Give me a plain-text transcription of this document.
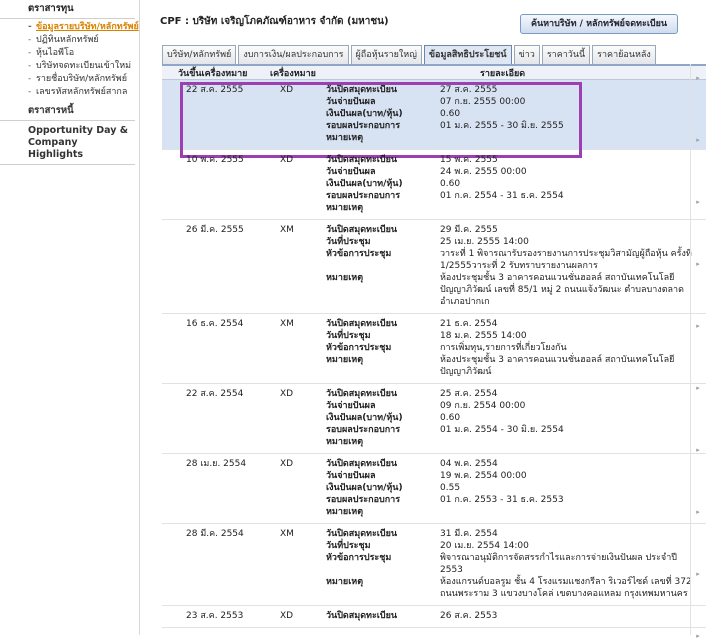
ตราสารทุน
- ข้อมูลรายบริษัท/หลักทรัพย์
- ปฏิทินหลักทรัพย์
- หุ้นไอพีโอ
- บริษัทจดทะเบียนเข้าใหม่
- รายชื่อบริษัท/หลักทรัพย์
- เลขรหัสหลักทรัพย์สากล
ตราสารหนี้
Opportunity Day & Company Highlights
CPF : บริษัท เจริญโภคภัณฑ์อาหาร จำกัด (มหาชน)	ค้นหาบริษัท / หลักทรัพย์จดทะเบียน
บริษัท/หลักทรัพย์	งบการเงิน/ผลประกอบการ	ผู้ถือหุ้นรายใหญ่	ข้อมูลสิทธิประโยชน์	ข่าว	ราคาวันนี้	ราคาย้อนหลัง
วันขึ้นเครื่องหมาย	เครื่องหมาย	รายละเอียด
22 ส.ค. 2555	XD	วันปิดสมุดทะเบียน	27 ส.ค. 2555
วันจ่ายปันผล	07 ก.ย. 2555 00:00
เงินปันผล(บาท/หุ้น)	0.60
รอบผลประกอบการ	01 ม.ค. 2555 - 30 มิ.ย. 2555
หมายเหตุ
10 พ.ค. 2555	XD	วันปิดสมุดทะเบียน	15 พ.ค. 2555
วันจ่ายปันผล	24 พ.ค. 2555 00:00
เงินปันผล(บาท/หุ้น)	0.60
รอบผลประกอบการ	01 ก.ค. 2554 - 31 ธ.ค. 2554
หมายเหตุ
26 มี.ค. 2555	XM	วันปิดสมุดทะเบียน	29 มี.ค. 2555
วันที่ประชุม	25 เม.ย. 2555 14:00
หัวข้อการประชุม	วาระที่ 1 พิจารณารับรองรายงานการประชุมวิสามัญผู้ถือหุ้น ครั้งที่ 1/2555วาระที่ 2 รับทราบรายงานผลการ
หมายเหตุ	ห้องประชุมชั้น 3 อาคารคอนแวนชั่นฮอลล์ สถาบันเทคโนโลยีปัญญาภิวัฒน์ เลขที่ 85/1 หมู่ 2 ถนนแจ้งวัฒนะ ตำบลบางตลาด อำเภอปากเก
16 ธ.ค. 2554	XM	วันปิดสมุดทะเบียน	21 ธ.ค. 2554
วันที่ประชุม	18 ม.ค. 2555 14:00
หัวข้อการประชุม	การเพิ่มทุน,รายการที่เกี่ยวโยงกัน
หมายเหตุ	ห้องประชุมชั้น 3 อาคารคอนแวนชั่นฮอลล์ สถาบันเทคโนโลยีปัญญาภิวัฒน์
22 ส.ค. 2554	XD	วันปิดสมุดทะเบียน	25 ส.ค. 2554
วันจ่ายปันผล	09 ก.ย. 2554 00:00
เงินปันผล(บาท/หุ้น)	0.60
รอบผลประกอบการ	01 ม.ค. 2554 - 30 มิ.ย. 2554
หมายเหตุ
28 เม.ย. 2554	XD	วันปิดสมุดทะเบียน	04 พ.ค. 2554
วันจ่ายปันผล	19 พ.ค. 2554 00:00
เงินปันผล(บาท/หุ้น)	0.55
รอบผลประกอบการ	01 ก.ค. 2553 - 31 ธ.ค. 2553
หมายเหตุ
28 มี.ค. 2554	XM	วันปิดสมุดทะเบียน	31 มี.ค. 2554
วันที่ประชุม	20 เม.ย. 2554 14:00
หัวข้อการประชุม	พิจารณาอนุมัติการจัดสรรกำไรและการจ่ายเงินปันผล ประจำปี 2553
หมายเหตุ	ห้องแกรนด์บอลรูม ชั้น 4 โรงแรมแชงกรีลา ริเวอร์ไซด์ เลขที่ 372 ถนนพระราม 3 แขวงบางโคล่ เขตบางคอแหลม กรุงเทพมหานคร
23 ส.ค. 2553	XD	วันปิดสมุดทะเบียน	26 ส.ค. 2553
▸
▸
▸
▸
▸
▸
▸
▸
▸
▸
